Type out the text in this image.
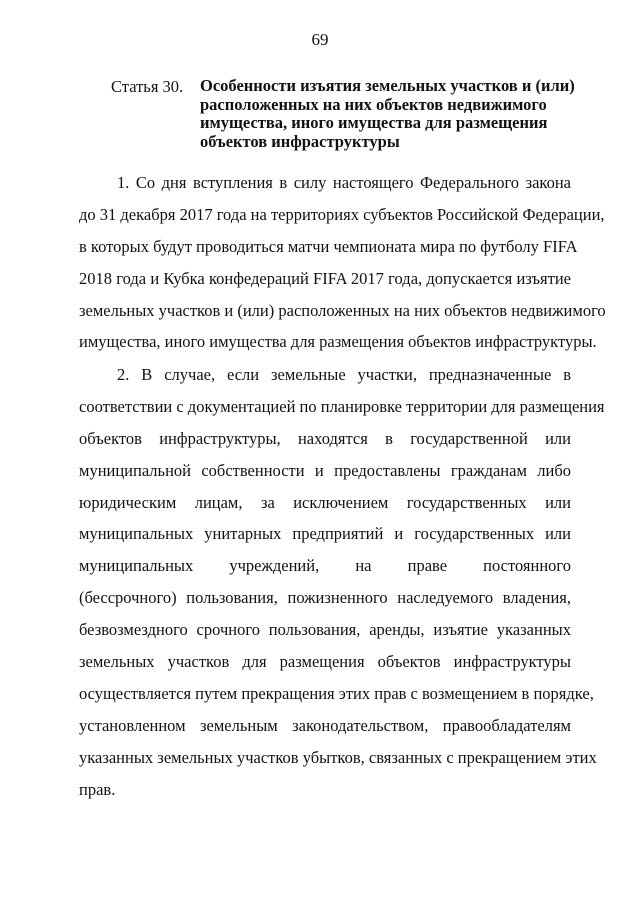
69
Статья 30. Особенности изъятия земельных участков и (или)
расположенных на них объектов недвижимого
имущества, иного имущества для размещения
объектов инфраструктуры
1. Со дня вступления в силу настоящего Федерального закона
до 31 декабря 2017 года на территориях субъектов Российской Федерации,
в которых будут проводиться матчи чемпионата мира по футболу FIFA
2018 года и Кубка конфедераций FIFA 2017 года, допускается изъятие
земельных участков и (или) расположенных на них объектов недвижимого
имущества, иного имущества для размещения объектов инфраструктуры.
2. В случае, если земельные участки, предназначенные в
соответствии с документацией по планировке территории для размещения
объектов инфраструктуры, находятся в государственной или
муниципальной собственности и предоставлены гражданам либо
юридическим лицам, за исключением государственных или
муниципальных унитарных предприятий и государственных или
муниципальных учреждений, на праве постоянного
(бессрочного) пользования, пожизненного наследуемого владения,
безвозмездного срочного пользования, аренды, изъятие указанных
земельных участков для размещения объектов инфраструктуры
осуществляется путем прекращения этих прав с возмещением в порядке,
установленном земельным законодательством, правообладателям
указанных земельных участков убытков, связанных с прекращением этих
прав.
